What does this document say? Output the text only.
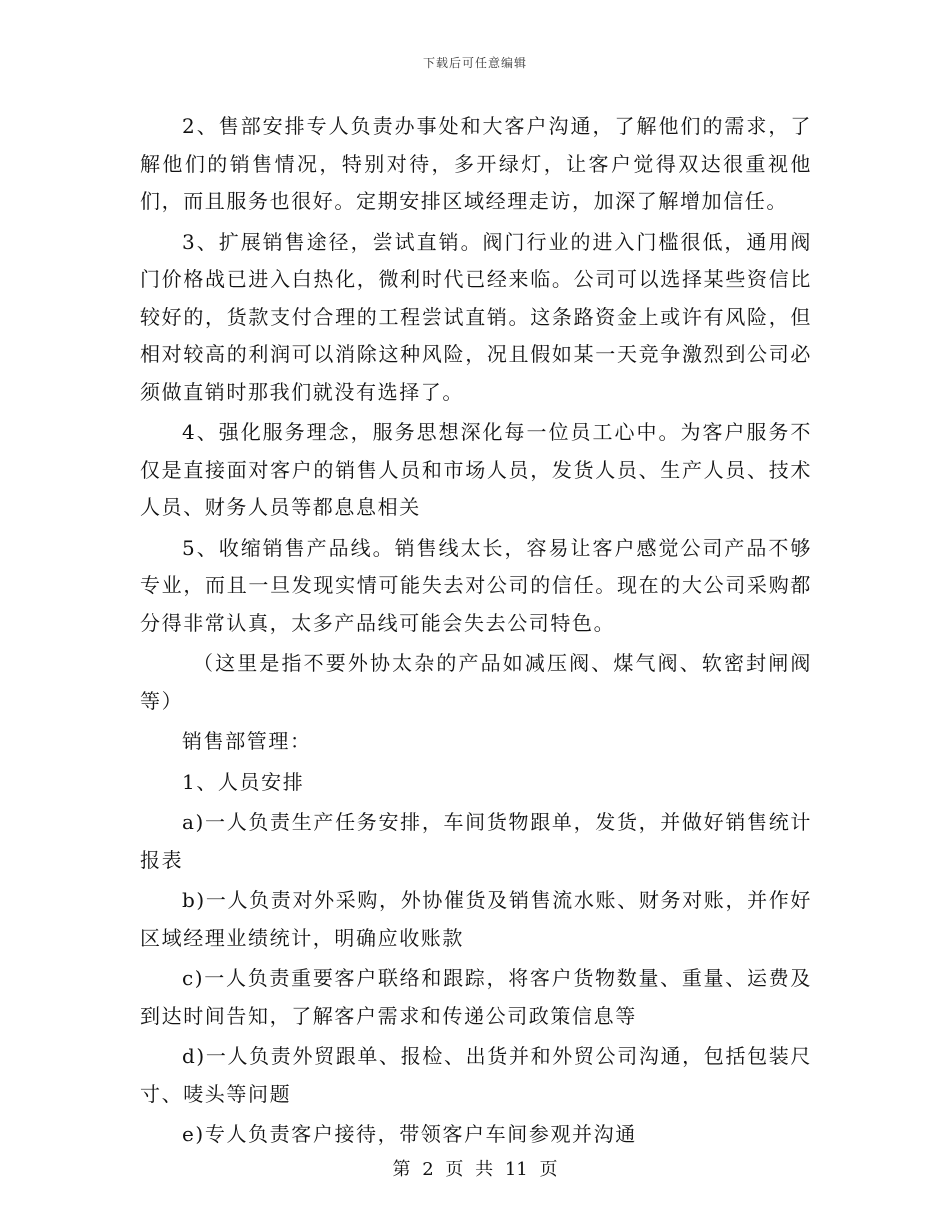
下载后可任意编辑

2、售部安排专人负责办事处和大客户沟通，了解他们的需求，了解他们的销售情况，特别对待，多开绿灯，让客户觉得双达很重视他们，而且服务也很好。定期安排区域经理走访，加深了解增加信任。

3、扩展销售途径，尝试直销。阀门行业的进入门槛很低，通用阀门价格战已进入白热化，微利时代已经来临。公司可以选择某些资信比较好的，货款支付合理的工程尝试直销。这条路资金上或许有风险，但相对较高的利润可以消除这种风险，况且假如某一天竞争激烈到公司必须做直销时那我们就没有选择了。

4、强化服务理念，服务思想深化每一位员工心中。为客户服务不仅是直接面对客户的销售人员和市场人员，发货人员、生产人员、技术人员、财务人员等都息息相关

5、收缩销售产品线。销售线太长，容易让客户感觉公司产品不够专业，而且一旦发现实情可能失去对公司的信任。现在的大公司采购都分得非常认真，太多产品线可能会失去公司特色。

（这里是指不要外协太杂的产品如减压阀、煤气阀、软密封闸阀等）

销售部管理：

1、人员安排

a)一人负责生产任务安排，车间货物跟单，发货，并做好销售统计报表

b)一人负责对外采购，外协催货及销售流水账、财务对账，并作好区域经理业绩统计，明确应收账款

c)一人负责重要客户联络和跟踪，将客户货物数量、重量、运费及到达时间告知，了解客户需求和传递公司政策信息等

d)一人负责外贸跟单、报检、出货并和外贸公司沟通，包括包装尺寸、唛头等问题

e)专人负责客户接待，带领客户车间参观并沟通

第 2 页 共 11 页
